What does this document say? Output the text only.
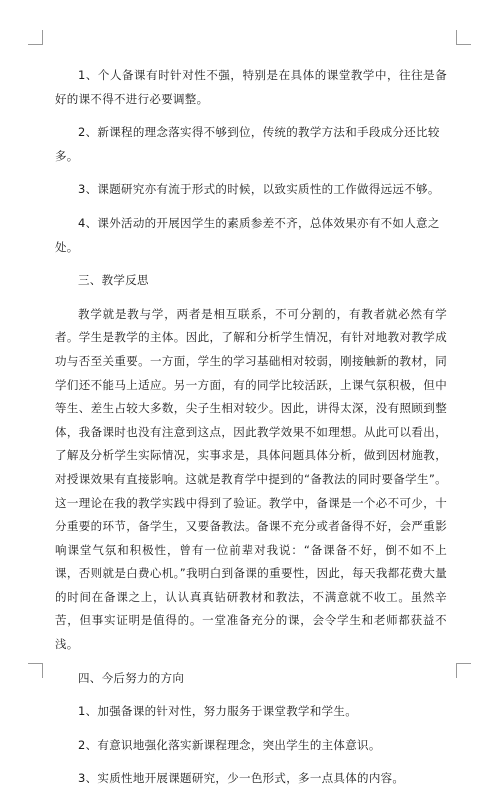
1、个人备课有时针对性不强，特别是在具体的课堂教学中，往往是备好的课不得不进行必要调整。

2、新课程的理念落实得不够到位，传统的教学方法和手段成分还比较多。

3、课题研究亦有流于形式的时候，以致实质性的工作做得远远不够。

4、课外活动的开展因学生的素质参差不齐，总体效果亦有不如人意之处。

三、教学反思

教学就是教与学，两者是相互联系，不可分割的，有教者就必然有学者。学生是教学的主体。因此，了解和分析学生情况，有针对地教对教学成功与否至关重要。一方面，学生的学习基础相对较弱，刚接触新的教材，同学们还不能马上适应。另一方面，有的同学比较活跃，上课气氛积极，但中等生、差生占较大多数，尖子生相对较少。因此，讲得太深，没有照顾到整体，我备课时也没有注意到这点，因此教学效果不如理想。从此可以看出，了解及分析学生实际情况，实事求是，具体问题具体分析，做到因材施教，对授课效果有直接影响。这就是教育学中提到的“备教法的同时要备学生”。这一理论在我的教学实践中得到了验证。教学中，备课是一个必不可少，十分重要的环节，备学生，又要备教法。备课不充分或者备得不好，会严重影响课堂气氛和积极性，曾有一位前辈对我说：“备课备不好，倒不如不上课，否则就是白费心机。”我明白到备课的重要性，因此，每天我都花费大量的时间在备课之上，认认真真钻研教材和教法，不满意就不收工。虽然辛苦，但事实证明是值得的。一堂准备充分的课，会令学生和老师都获益不浅。

四、今后努力的方向

1、加强备课的针对性，努力服务于课堂教学和学生。

2、有意识地强化落实新课程理念，突出学生的主体意识。

3、实质性地开展课题研究，少一色形式，多一点具体的内容。
